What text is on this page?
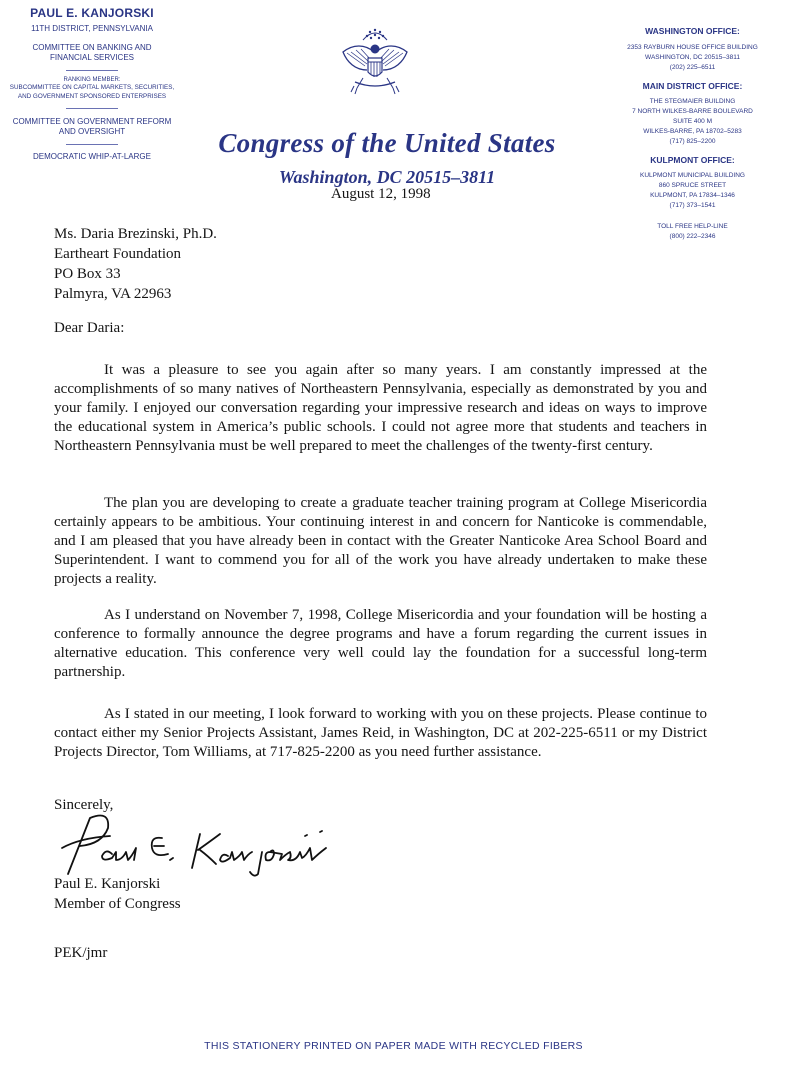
PAUL E. KANJORSKI
11TH DISTRICT, PENNSYLVANIA
COMMITTEE ON BANKING AND
FINANCIAL SERVICES
RANKING MEMBER:
SUBCOMMITTEE ON CAPITAL MARKETS, SECURITIES,
AND GOVERNMENT SPONSORED ENTERPRISES
COMMITTEE ON GOVERNMENT REFORM
AND OVERSIGHT
DEMOCRATIC WHIP-AT-LARGE	Congress of the United States
Washington, DC 20515–3811
WASHINGTON OFFICE:
2353 RAYBURN HOUSE OFFICE BUILDING
WASHINGTON, DC 20515–3811
(202) 225–6511
MAIN DISTRICT OFFICE:
THE STEGMAIER BUILDING
7 NORTH WILKES-BARRE BOULEVARD
SUITE 400 M
WILKES-BARRE, PA 18702–5283
(717) 825–2200
KULPMONT OFFICE:
KULPMONT MUNICIPAL BUILDING
860 SPRUCE STREET
KULPMONT, PA 17834–1346
(717) 373–1541
TOLL FREE HELP-LINE
(800) 222–2346
August 12, 1998
Ms. Daria Brezinski, Ph.D.
Eartheart Foundation
PO Box 33
Palmyra, VA 22963
Dear Daria:

It was a pleasure to see you again after so many years. I am constantly impressed at the accomplishments of so many natives of Northeastern Pennsylvania, especially as demonstrated by you and your family. I enjoyed our conversation regarding your impressive research and ideas on ways to improve the educational system in America’s public schools. I could not agree more that students and teachers in Northeastern Pennsylvania must be well prepared to meet the challenges of the twenty-first century.

The plan you are developing to create a graduate teacher training program at College Misericordia certainly appears to be ambitious. Your continuing interest in and concern for Nanticoke is commendable, and I am pleased that you have already been in contact with the Greater Nanticoke Area School Board and Superintendent. I want to commend you for all of the work you have already undertaken to make these projects a reality.

As I understand on November 7, 1998, College Misericordia and your foundation will be hosting a conference to formally announce the degree programs and have a forum regarding the current issues in alternative education. This conference very well could lay the foundation for a successful long-term partnership.

As I stated in our meeting, I look forward to working with you on these projects. Please continue to contact either my Senior Projects Assistant, James Reid, in Washington, DC at 202-225-6511 or my District Projects Director, Tom Williams, at 717-825-2200 as you need further assistance.

Sincerely,
Paul E. Kanjorski
Member of Congress
PEK/jmr
THIS STATIONERY PRINTED ON PAPER MADE WITH RECYCLED FIBERS
